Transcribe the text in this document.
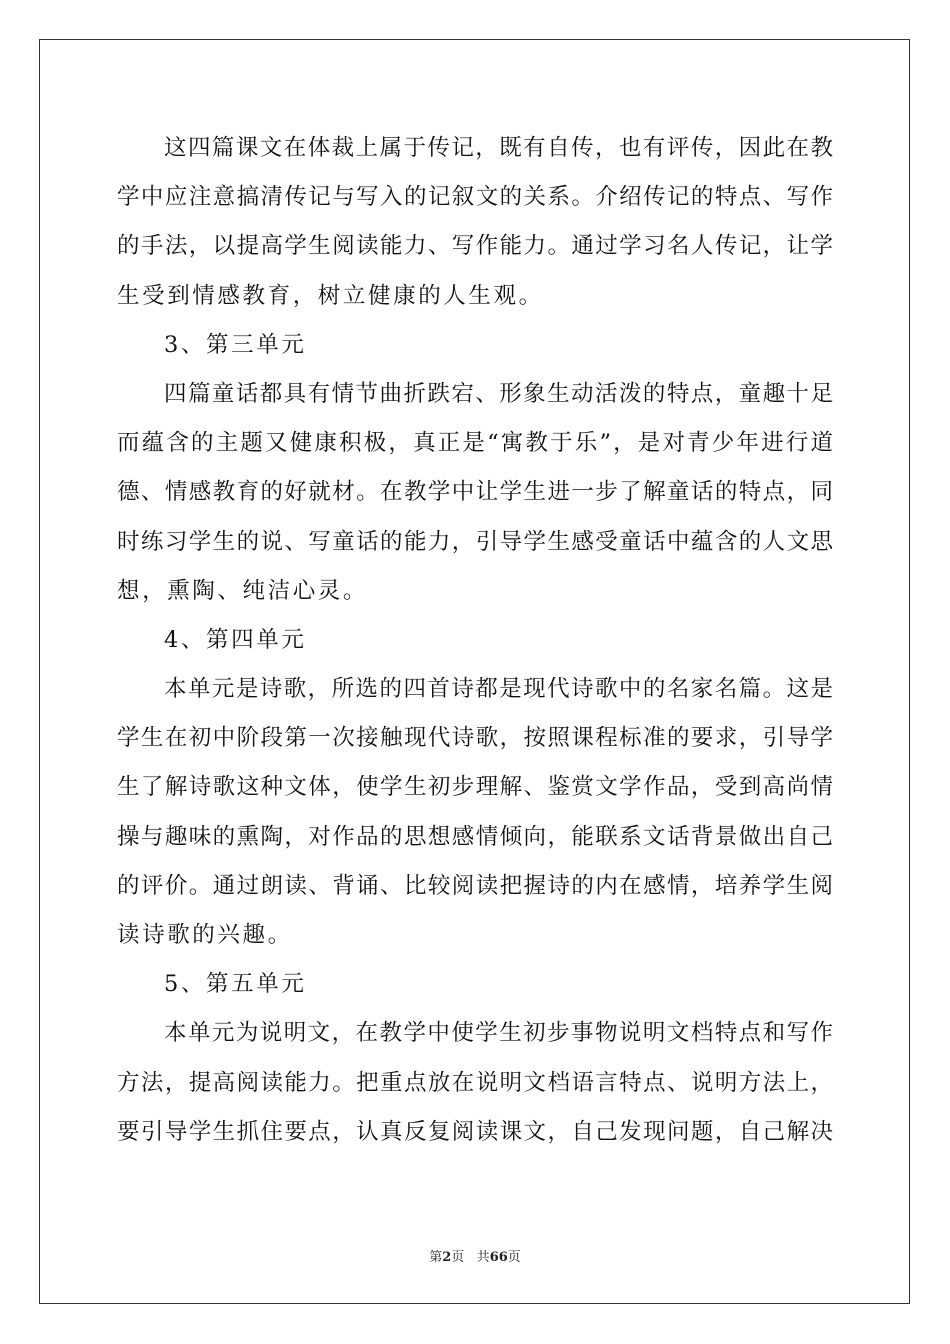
这四篇课文在体裁上属于传记，既有自传，也有评传，因此在教
学中应注意搞清传记与写入的记叙文的关系。介绍传记的特点、写作
的手法，以提高学生阅读能力、写作能力。通过学习名人传记，让学
生受到情感教育，树立健康的人生观。
3、第三单元
四篇童话都具有情节曲折跌宕、形象生动活泼的特点，童趣十足
而蕴含的主题又健康积极，真正是“寓教于乐”，是对青少年进行道
德、情感教育的好就材。在教学中让学生进一步了解童话的特点，同
时练习学生的说、写童话的能力，引导学生感受童话中蕴含的人文思
想，熏陶、纯洁心灵。
4、第四单元
本单元是诗歌，所选的四首诗都是现代诗歌中的名家名篇。这是
学生在初中阶段第一次接触现代诗歌，按照课程标准的要求，引导学
生了解诗歌这种文体，使学生初步理解、鉴赏文学作品，受到高尚情
操与趣味的熏陶，对作品的思想感情倾向，能联系文话背景做出自己
的评价。通过朗读、背诵、比较阅读把握诗的内在感情，培养学生阅
读诗歌的兴趣。
5、第五单元
本单元为说明文，在教学中使学生初步事物说明文档特点和写作
方法，提高阅读能力。把重点放在说明文档语言特点、说明方法上，
要引导学生抓住要点，认真反复阅读课文，自己发现问题，自己解决
第2页 共66页
